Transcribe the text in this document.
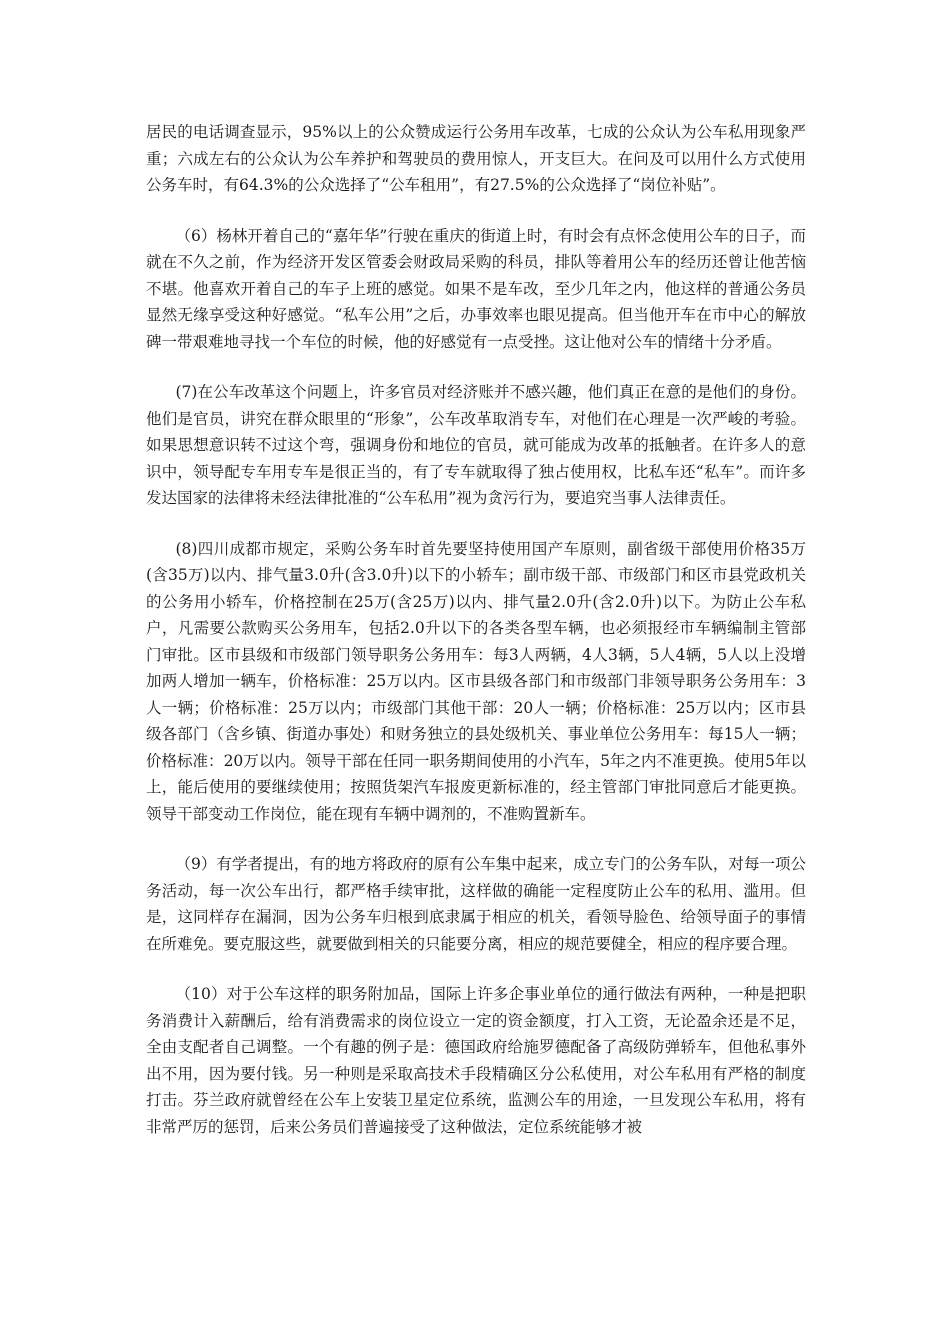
居民的电话调查显示，95%以上的公众赞成运行公务用车改革，七成的公众认为公车私用现象严重；六成左右的公众认为公车养护和驾驶员的费用惊人，开支巨大。在问及可以用什么方式使用公务车时，有64.3%的公众选择了“公车租用”，有27.5%的公众选择了“岗位补贴”。

（6）杨林开着自己的“嘉年华”行驶在重庆的街道上时，有时会有点怀念使用公车的日子，而就在不久之前，作为经济开发区管委会财政局采购的科员，排队等着用公车的经历还曾让他苦恼不堪。他喜欢开着自己的车子上班的感觉。如果不是车改，至少几年之内，他这样的普通公务员显然无缘享受这种好感觉。“私车公用”之后，办事效率也眼见提高。但当他开车在市中心的解放碑一带艰难地寻找一个车位的时候，他的好感觉有一点受挫。这让他对公车的情绪十分矛盾。

(7)在公车改革这个问题上，许多官员对经济账并不感兴趣，他们真正在意的是他们的身份。他们是官员，讲究在群众眼里的“形象”，公车改革取消专车，对他们在心理是一次严峻的考验。如果思想意识转不过这个弯，强调身份和地位的官员，就可能成为改革的抵触者。在许多人的意识中，领导配专车用专车是很正当的，有了专车就取得了独占使用权，比私车还“私车”。而许多发达国家的法律将未经法律批准的“公车私用”视为贪污行为，要追究当事人法律责任。

(8)四川成都市规定，采购公务车时首先要坚持使用国产车原则，副省级干部使用价格35万(含35万)以内、排气量3.0升(含3.0升)以下的小轿车；副市级干部、市级部门和区市县党政机关的公务用小轿车，价格控制在25万(含25万)以内、排气量2.0升(含2.0升)以下。为防止公车私户，凡需要公款购买公务用车，包括2.0升以下的各类各型车辆，也必须报经市车辆编制主管部门审批。区市县级和市级部门领导职务公务用车：每3人两辆，4人3辆，5人4辆，5人以上没增加两人增加一辆车，价格标准：25万以内。区市县级各部门和市级部门非领导职务公务用车：3人一辆；价格标准：25万以内；市级部门其他干部：20人一辆；价格标准：25万以内；区市县级各部门（含乡镇、街道办事处）和财务独立的县处级机关、事业单位公务用车：每15人一辆；价格标准：20万以内。领导干部在任同一职务期间使用的小汽车，5年之内不准更换。使用5年以上，能后使用的要继续使用；按照货架汽车报废更新标准的，经主管部门审批同意后才能更换。领导干部变动工作岗位，能在现有车辆中调剂的，不准购置新车。

（9）有学者提出，有的地方将政府的原有公车集中起来，成立专门的公务车队，对每一项公务活动，每一次公车出行，都严格手续审批，这样做的确能一定程度防止公车的私用、滥用。但是，这同样存在漏洞，因为公务车归根到底隶属于相应的机关，看领导脸色、给领导面子的事情在所难免。要克服这些，就要做到相关的只能要分离，相应的规范要健全，相应的程序要合理。

（10）对于公车这样的职务附加品，国际上许多企事业单位的通行做法有两种，一种是把职务消费计入薪酬后，给有消费需求的岗位设立一定的资金额度，打入工资，无论盈余还是不足，全由支配者自己调整。一个有趣的例子是：德国政府给施罗德配备了高级防弹轿车，但他私事外出不用，因为要付钱。另一种则是采取高技术手段精确区分公私使用，对公车私用有严格的制度打击。芬兰政府就曾经在公车上安装卫星定位系统，监测公车的用途，一旦发现公车私用，将有非常严厉的惩罚，后来公务员们普遍接受了这种做法，定位系统能够才被
